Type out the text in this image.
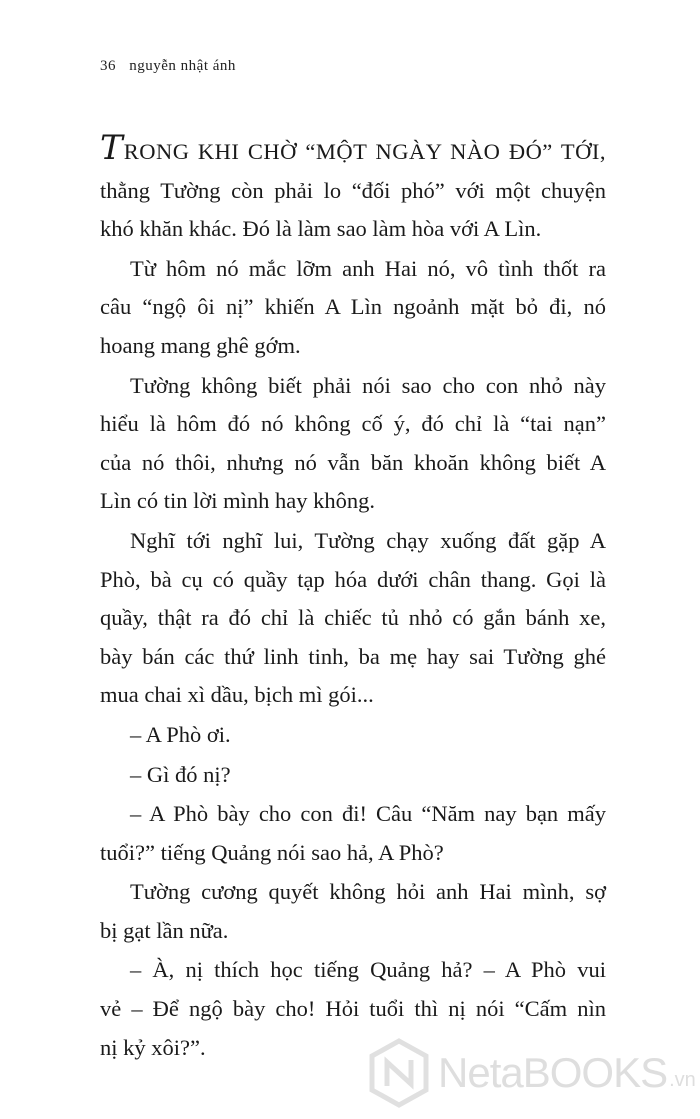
36 nguyễn nhật ánh
TRONG KHI CHỜ “MỘT NGÀY NÀO ĐÓ” TỚI,
thằng Tường còn phải lo “đối phó” với một chuyện
khó khăn khác. Đó là làm sao làm hòa với A Lìn.
Từ hôm nó mắc lỡm anh Hai nó, vô tình thốt ra
câu “ngộ ôi nị” khiến A Lìn ngoảnh mặt bỏ đi, nó
hoang mang ghê gớm.
Tường không biết phải nói sao cho con nhỏ này
hiểu là hôm đó nó không cố ý, đó chỉ là “tai nạn”
của nó thôi, nhưng nó vẫn băn khoăn không biết A
Lìn có tin lời mình hay không.
Nghĩ tới nghĩ lui, Tường chạy xuống đất gặp A
Phò, bà cụ có quầy tạp hóa dưới chân thang. Gọi là
quầy, thật ra đó chỉ là chiếc tủ nhỏ có gắn bánh xe,
bày bán các thứ linh tinh, ba mẹ hay sai Tường ghé
mua chai xì dầu, bịch mì gói...
– A Phò ơi.
– Gì đó nị?
– A Phò bày cho con đi! Câu “Năm nay bạn mấy
tuổi?” tiếng Quảng nói sao hả, A Phò?
Tường cương quyết không hỏi anh Hai mình, sợ
bị gạt lần nữa.
– À, nị thích học tiếng Quảng hả? – A Phò vui
vẻ – Để ngộ bày cho! Hỏi tuổi thì nị nói “Cấm nìn
nị kỷ xôi?”.
NetaBOOKS .vn
